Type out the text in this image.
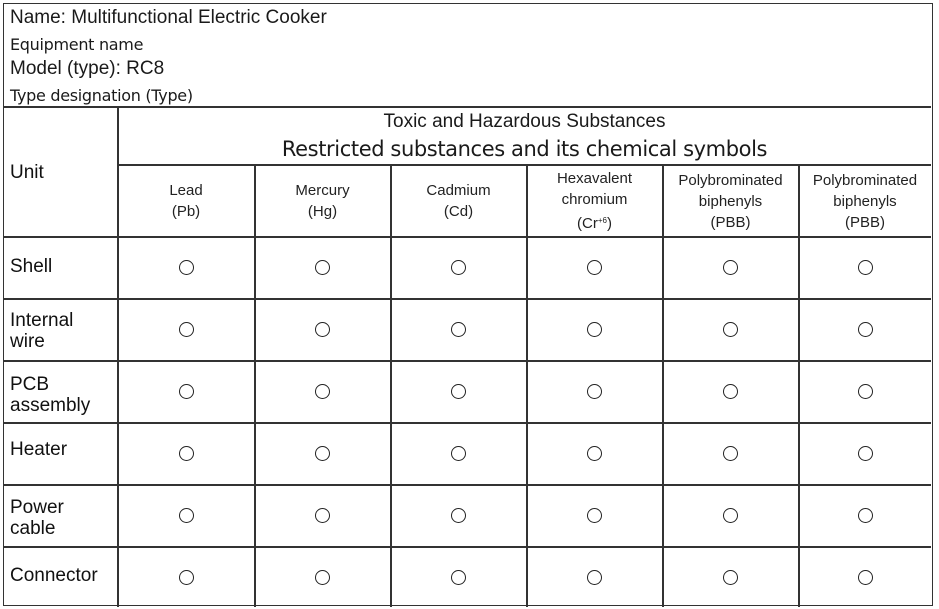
Name: Multifunctional Electric Cooker
Equipment name
Model (type): RC8
Type designation (Type)
Unit
Toxic and Hazardous Substances
Restricted substances and its chemical symbols
Lead
(Pb)
Mercury
(Hg)
Cadmium
(Cd)
Hexavalent
chromium
$(Cr^{+6})$
Polybrominated
biphenyls
(PBB)
Polybrominated
biphenyls
(PBB)
Shell
Internal
wire
PCB
assembly
Heater
Power
cable
Connector
